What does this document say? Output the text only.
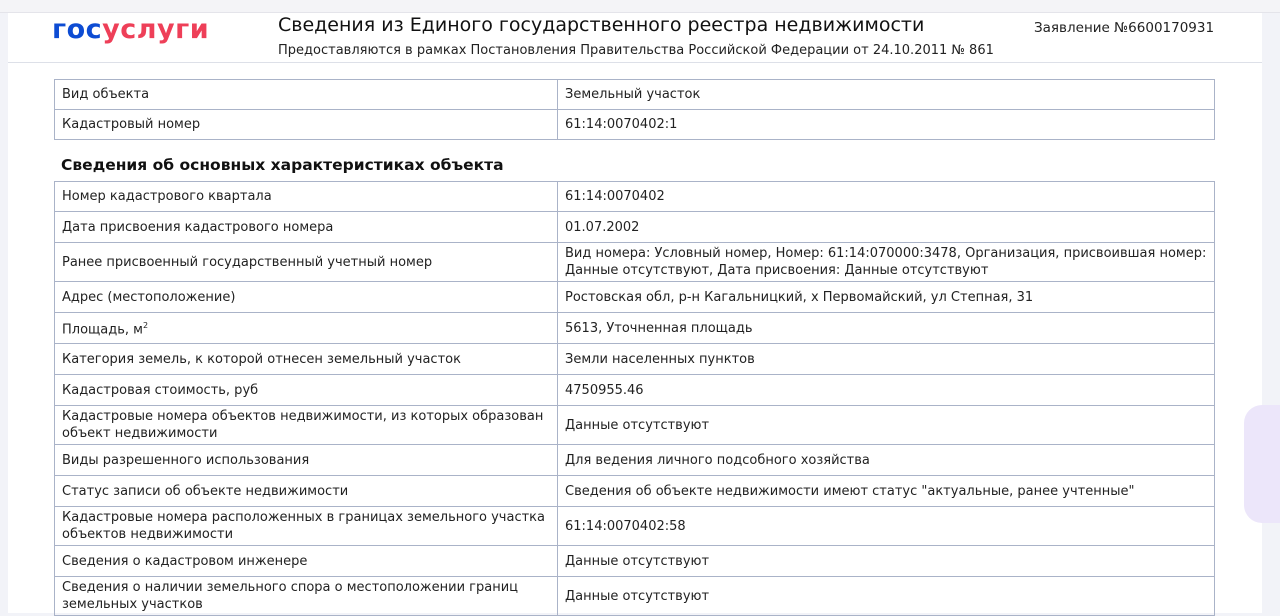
госуслуги	Сведения из Единого государственного реестра недвижимости
Предоставляются в рамках Постановления Правительства Российской Федерации от 24.10.2011 № 861
Заявление №6600170931
Вид объекта	Земельный участок
Кадастровый номер	61:14:0070402:1
Сведения об основных характеристиках объекта
Номер кадастрового квартала	61:14:0070402
Дата присвоения кадастрового номера	01.07.2002
Ранее присвоенный государственный учетный номер	Вид номера: Условный номер, Номер: 61:14:070000:3478, Организация, присвоившая номер: Данные отсутствуют, Дата присвоения: Данные отсутствуют
Адрес (местоположение)	Ростовская обл, р-н Кагальницкий, х Первомайский, ул Степная, 31
Площадь, $м^2$	5613, Уточненная площадь
Категория земель, к которой отнесен земельный участок	Земли населенных пунктов
Кадастровая стоимость, руб	4750955.46
Кадастровые номера объектов недвижимости, из которых образован объект недвижимости	Данные отсутствуют
Виды разрешенного использования	Для ведения личного подсобного хозяйства
Статус записи об объекте недвижимости	Сведения об объекте недвижимости имеют статус "актуальные, ранее учтенные"
Кадастровые номера расположенных в границах земельного участка объектов недвижимости	61:14:0070402:58
Сведения о кадастровом инженере	Данные отсутствуют
Сведения о наличии земельного спора о местоположении границ земельных участков	Данные отсутствуют
